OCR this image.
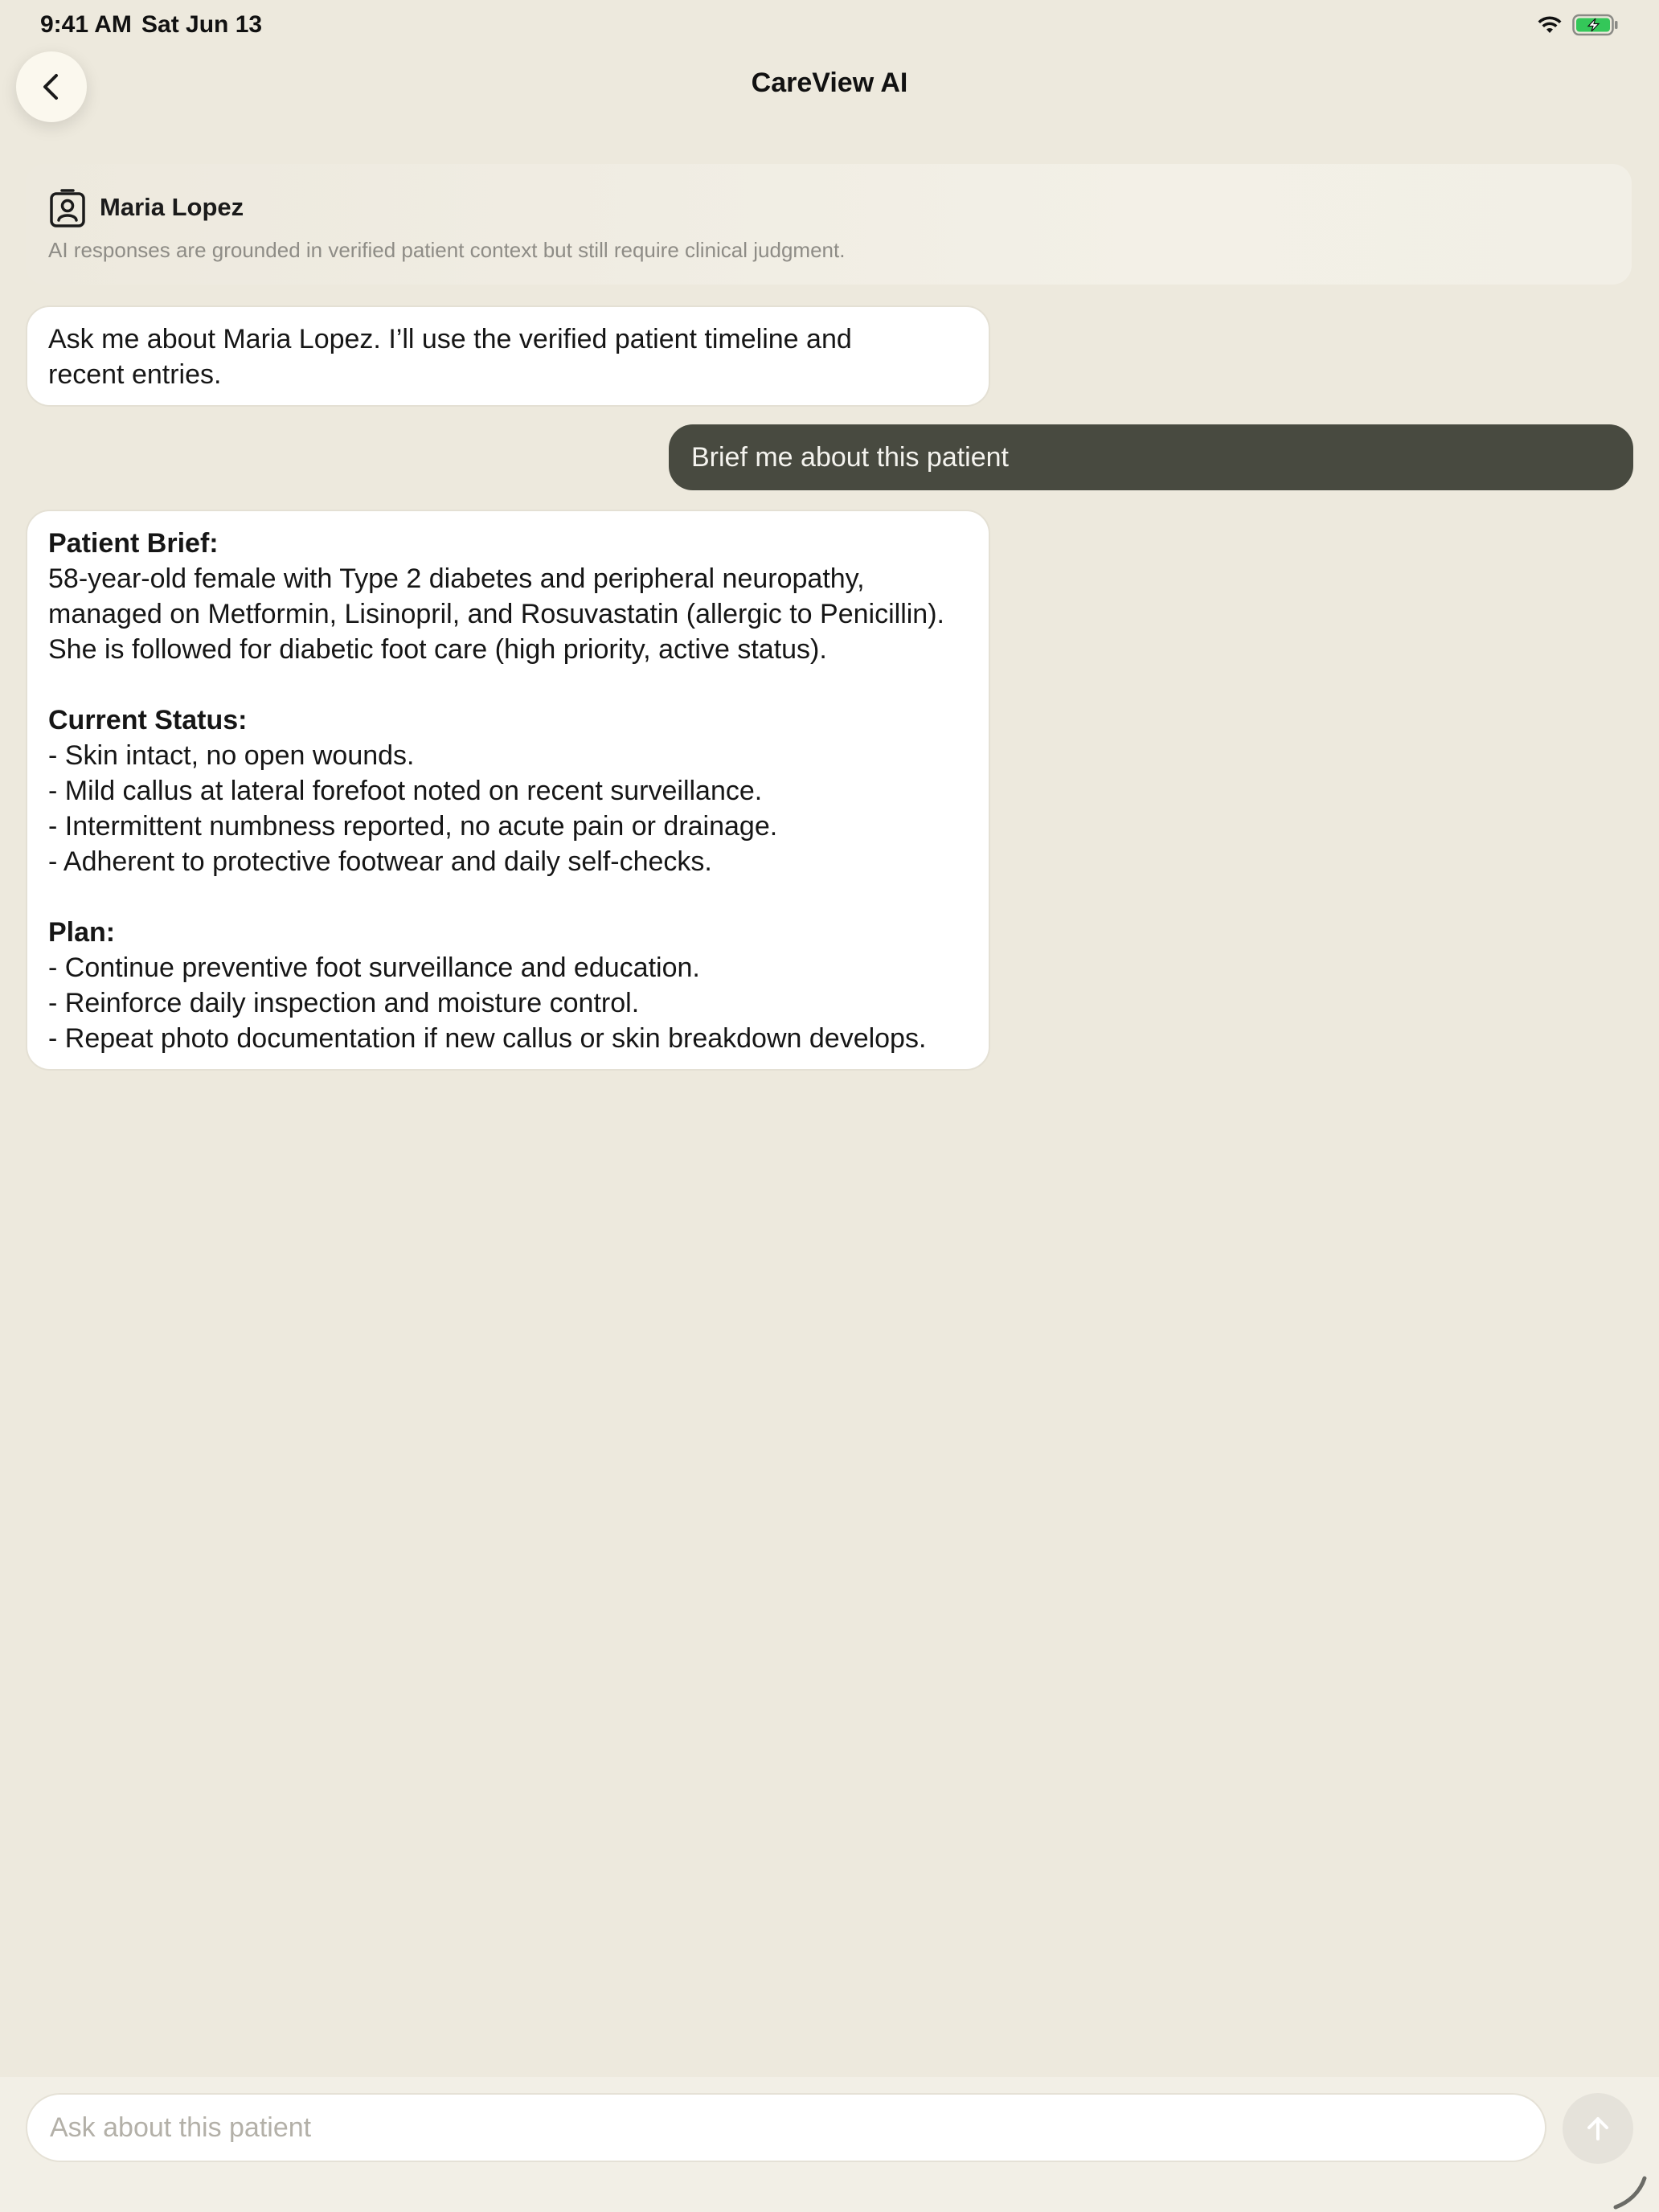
9:41 AM Sat Jun 13
CareView AI
Maria Lopez
AI responses are grounded in verified patient context but still require clinical judgment.
Ask me about Maria Lopez. I’ll use the verified patient timeline and
recent entries.
Brief me about this patient
Patient Brief:
58-year-old female with Type 2 diabetes and peripheral neuropathy,
managed on Metformin, Lisinopril, and Rosuvastatin (allergic to Penicillin).
She is followed for diabetic foot care (high priority, active status).
Current Status:
- Skin intact, no open wounds.
- Mild callus at lateral forefoot noted on recent surveillance.
- Intermittent numbness reported, no acute pain or drainage.
- Adherent to protective footwear and daily self-checks.
Plan:
- Continue preventive foot surveillance and education.
- Reinforce daily inspection and moisture control.
- Repeat photo documentation if new callus or skin breakdown develops.
Ask about this patient
